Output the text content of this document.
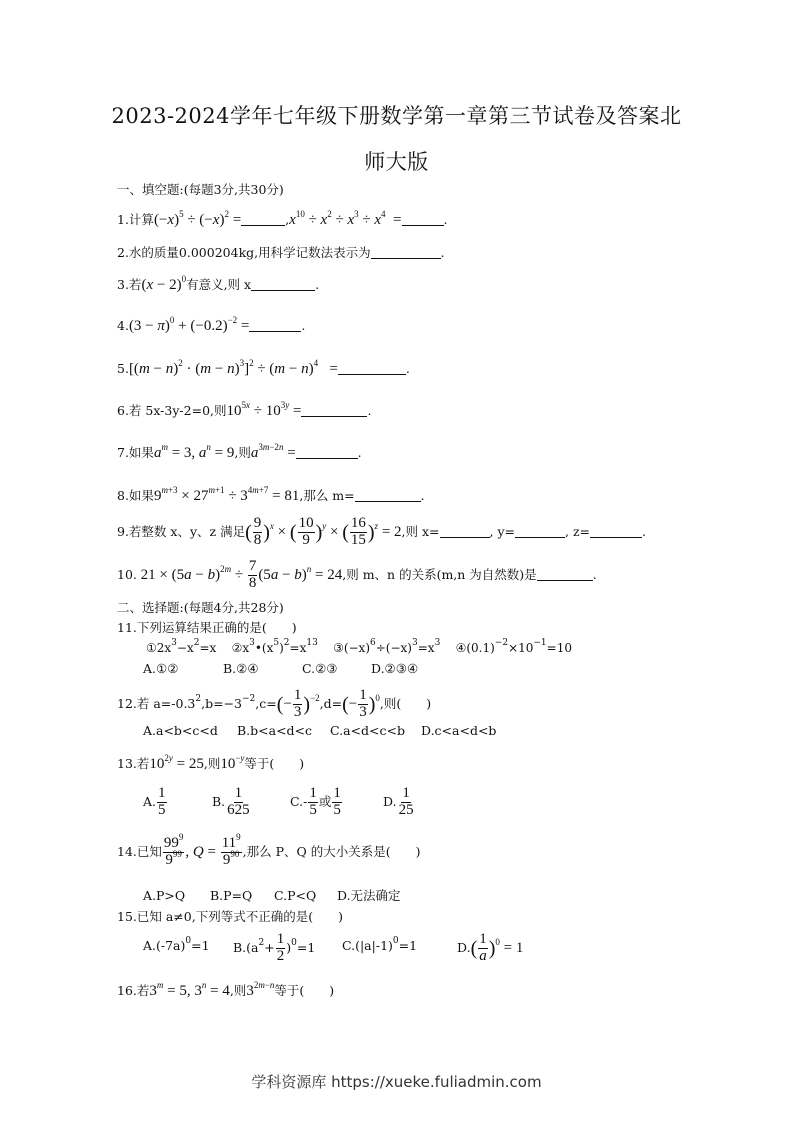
2023-2024学年七年级下册数学第一章第三节试卷及答案北
师大版
一、填空题:(每题3分,共30分)
1.计算$(-x)^5 \div (-x)^2$ =	$,x^{10} \div x^2 \div x^3 \div x^4$  =	.
2.水的质量0.000204kg,用科学记数法表示为	.
3.若$(x - 2)^0$有意义,则 x	.
$4.(3 - \pi)^0 + (-0.2)^{-2}$ =	.
$5.[(m - n)^2 \cdot (m - n)^3]^2 \div (m - n)^4$   =	.
6.若 5x-3y-2=0,则$10^{5x} \div 10^{3y}$ =	.
7.如果$a^m = 3$, $a^n = 9$,则$a^{3m-2n}$ =	.
8.如果$9^{m+3} \times 27^{m+1} \div 3^{4m+7} = 81$,那么 m=	.
9.若整数 x、y、z 满足( $\frac{9}{8} )^x$ × ( $\frac{10}{9} )^y$ × ( $\frac{16}{15} )^z = 2$,则 x=	, y=	, z=	.
10. $21 \times (5a - b)^{2m} \div \frac{7}{8} (5a - b)^n = 24$,则 m、n 的关系(m,n 为自然数)是	.
二、选择题:(每题4分,共28分)
11.下列运算结果正确的是(　　)
$①2x^3-x^2=x$ $②x^3•(x^5)^2=x^{13}$ $③(-x)^6\div(-x)^3=x^3$ $④(0.1)^{-2}\times 10^{-1}=10$
A.①②	B.②④	C.②③	D.②③④
12.若 $a=-0.3^2,b=-3^{-2},c=(- \frac{1}{3} )^{-2},d=(- \frac{1}{3} )^0$,则(　　)
A.a<b<c<d B.b<a<d<c C.a<d<c<b D.c<a<d<b
13.若$10^{2y} = 25$,则$10^{-y}$等于(　　)
A. $\frac{1}{5}$	B. $\frac{1}{625}$	$C.- \frac{1}{5}$ 或 $\frac{1}{5}$	D. $\frac{1}{25}$
14.已知 $\frac{99^9}{9^{99}}$ , $Q = \frac{11^9}{9^{90}}$ ,那么 P、Q 的大小关系是(　　)
A.P>Q B.P=Q C.P<Q D.无法确定
15.已知 a≠0,下列等式不正确的是(　　)
$A.(-7a)^0=1$ $B.(a^2+ \frac{1}{2} )^0=1$ $C.(|a|-1)^0=1$	$D.( \frac{1}{a} )^0 = 1$
16.若$3^m = 5$, $3^n = 4$,则$3^{2m-n}$等于(　　)
学科资源库 https://xueke.fuliadmin.com
